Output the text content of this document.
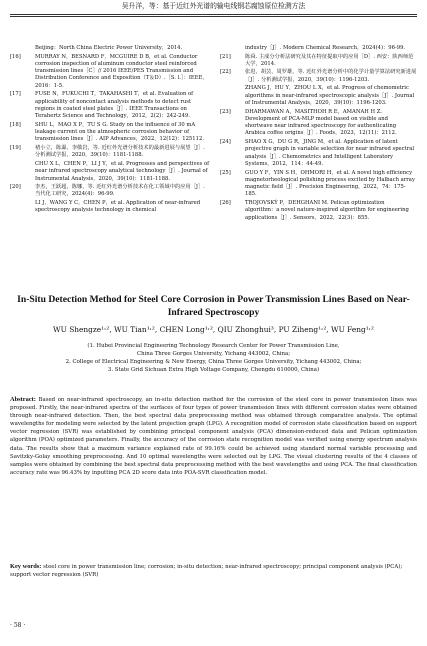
吴升洋，等：基于近红外光谱的输电线钢芯腐蚀原位检测方法
Beijing：North China Electric Power University，2014.
[16]	MURRAY N，BESNARD F，MCGUIRE D B，et al. Conductor corrosion inspection of aluminum conductor steel reinforced transmission lines［C］// 2016 IEEE/PES Transmission and Distribution Conference and Exposition（T＆D）.［S. l.］：IEEE，2016：1-5.
[17]	FUSE N，FUKUCHI T，TAKAHASHI T，et al. Evaluation of applicability of noncontact analysis methods to detect rust regions in coated steel plates［J］. IEEE Transactions on Terahertz Science and Technology，2012，2(2)：242-249.
[18]	SHU L，MAO X P，TU S G. Study on the influence of 30 mA leakage current on the atmospheric corrosion behavior of transmission lines［J］. AIP Advances，2022，12(12)：125112.
[19]	褚小立，陈瀑，李敬岩，等. 近红外光谱分析技术的最新进展与展望［J］. 分析测试学报，2020，39(10)：1181-1188.
CHU X L，CHEN P，LI J Y，et al. Progresses and perspectives of near infrared spectroscopy analytical technology［J］. Journal of Instrumental Analysis，2020，39(10)：1181-1188.
[20]	李杰，王跃超，陈娜，等. 近红外光谱分析技术在化工领域中的应用［J］. 当代化工研究，2024(4)：96-99.
LI J，WANG Y C，CHEN P，et al. Application of near-infrared spectroscopy analysis technology in chemical
industry［J］. Modern Chemical Research，2024(4)：96-99.
[21]	陈舜. 主成分分析法研究及其在特征提取中的应用［D］. 西安：陕西师范大学，2014.
[22]	张进，胡芸，周罗雄，等. 近红外光谱分析中的化学计量学算法研究新进展［J］. 分析测试学报，2020，39(10)：1196-1203.
ZHANG J，HU Y，ZHOU L X，et al. Progress of chemometric algorithms in near-infrared spectroscopic analysis［J］. Journal of Instrumental Analysis，2020，39(10)：1196-1203.
[23]	DHARMAWAN A，MASITHOH R E，AMANAH H Z. Development of PCA-MLP model based on visible and shortwave near infrared spectroscopy for authenticating Arabica coffee origins［J］. Foods，2023，12(11)：2112.
[24]	SHAO X G，DU G R，JING M，et al. Application of latent projective graph in variable selection for near infrared spectral analysis［J］. Chemometrics and Intelligent Laboratory Systems，2012，114：44-49.
[25]	GUO Y F，YIN S H，OHMORI H，et al. A novel high efficiency magnetorheological polishing process excited by Halbach array magnetic field［J］. Precision Engineering，2022，74：175-185.
[26]	TROJOVSKÝ P，DEHGHANI M. Pelican optimization algorithm：a novel nature-inspired algorithm for engineering applications［J］. Sensors，2022，22(3)：855.
In-Situ Detection Method for Steel Core Corrosion in Power Transmission Lines Based on Near-Infrared Spectroscopy
WU Shengze¹˒², WU Tian¹˒², CHEN Long¹˒², QIU Zhonghui³, PU Ziheng¹˒², WU Feng¹˒²
(1. Hubei Provincial Engineering Technology Research Center for Power Transmission Line,
China Three Gorges University, Yichang 443002, China;
2. College of Electrical Engineering & New Energy, China Three Gorges University, Yichang 443002, China;
3. State Grid Sichuan Extra High Voltage Company, Chengdu 610000, China)
Abstract: Based on near-infrared spectroscopy, an in-situ detection method for the corrosion of the steel core in power transmission lines was proposed. Firstly, the near-infrared spectra of the surfaces of four types of power transmission lines with different corrosion states were obtained through near-infrared detection. Then, the best spectral data preprocessing method was obtained through comparative analysis. The optimal wavelengths for modeling were selected by the latent projection graph (LPG). A recognition model of corrosion state classification based on support vector regression (SVR) was established by combining principal component analysis (PCA) dimension-reduced data and Pelican optimization algorithm (POA) optimized parameters. Finally, the accuracy of the corrosion state recognition model was verified using energy spectrum analysis data. The results show that a maximum variance explained rate of 99.16% could be achieved using standard normal variable processing and Savitzky-Golay smoothing preprocessing. And 10 optimal wavelengths were selected out by LPG. The visual clustering results of the 4 classes of samples were obtained by combining the best spectral data preprocessing method with the best wavelengths and using PCA. The final classification accuracy rate was 96.43% by inputting PCA 2D score data into POA-SVR classification model.
Key words: steel core in power transmission line; corrosion; in-situ detection; near-infrared spectroscopy; principal component analysis (PCA); support vector regression (SVR)
· 58 ·
